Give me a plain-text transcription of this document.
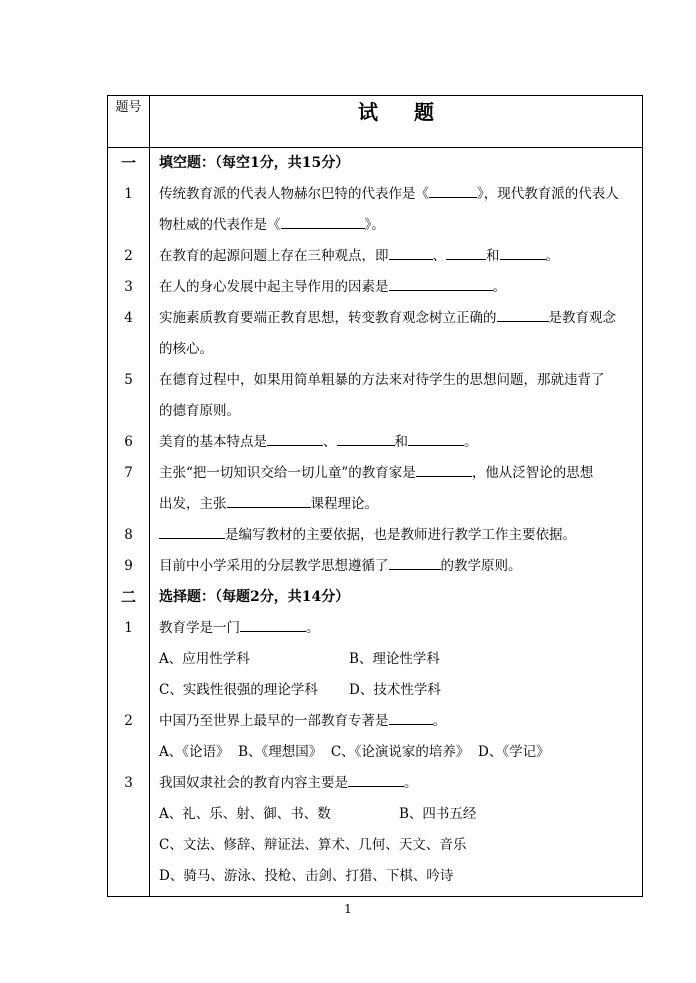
题号	试题

一	填空题：（每空1分，共15分）

1	传统教育派的代表人物赫尔巴特的代表作是《 》，现代教育派的代表人
物杜威的代表作是《 》。

2	在教育的起源问题上存在三种观点，即 、 和 。

3	在人的身心发展中起主导作用的因素是 。

4	实施素质教育要端正教育思想，转变教育观念树立正确的 是教育观念
的核心。

5	在德育过程中，如果用简单粗暴的方法来对待学生的思想问题，那就违背了
的德育原则。

6	美育的基本特点是 、 和 。

7	主张“把一切知识交给一切儿童”的教育家是 ，他从泛智论的思想
出发，主张 课程理论。

8	是编写教材的主要依据，也是教师进行教学工作主要依据。

9	目前中小学采用的分层教学思想遵循了 的教学原则。

二	选择题：（每题2分，共14分）

1	教育学是一门 。
A、应用性学科 B、理论性学科
C、实践性很强的理论学科 D、技术性学科

2	中国乃至世界上最早的一部教育专著是 。
A、《论语》  B、《理想国》  C、《论演说家的培养》  D、《学记》

3	我国奴隶社会的教育内容主要是 。
A、礼、乐、射、御、书、数 B、四书五经
C、文法、修辞、辩证法、算术、几何、天文、音乐
D、骑马、游泳、投枪、击剑、打猎、下棋、吟诗
1
